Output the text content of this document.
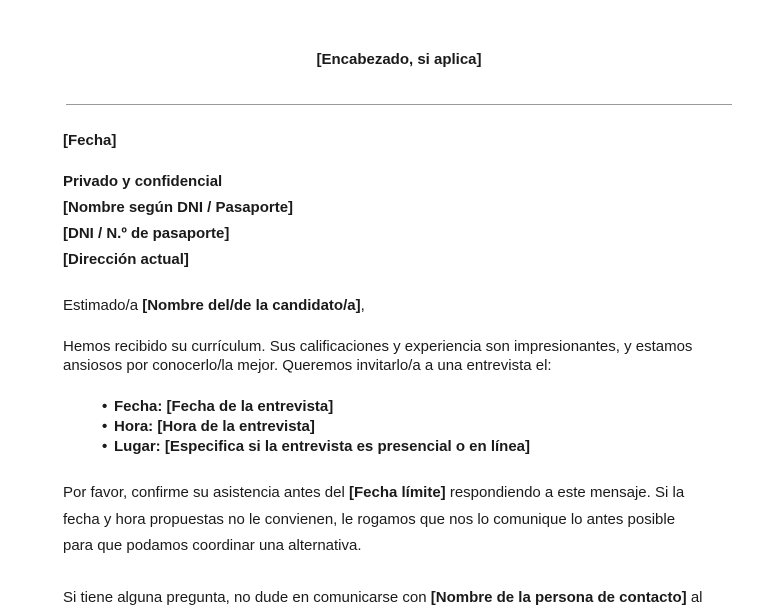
[Encabezado, si aplica]
[Fecha]
Privado y confidencial
[Nombre según DNI / Pasaporte]
[DNI / N.º de pasaporte]
[Dirección actual]
Estimado/a [Nombre del/de la candidato/a],
Hemos recibido su currículum. Sus calificaciones y experiencia son impresionantes, y estamos
ansiosos por conocerlo/la mejor. Queremos invitarlo/a a una entrevista el:
• Fecha: [Fecha de la entrevista]
• Hora: [Hora de la entrevista]
• Lugar: [Especifica si la entrevista es presencial o en línea]
Por favor, confirme su asistencia antes del [Fecha límite] respondiendo a este mensaje. Si la
fecha y hora propuestas no le convienen, le rogamos que nos lo comunique lo antes posible
para que podamos coordinar una alternativa.
Si tiene alguna pregunta, no dude en comunicarse con [Nombre de la persona de contacto] al
